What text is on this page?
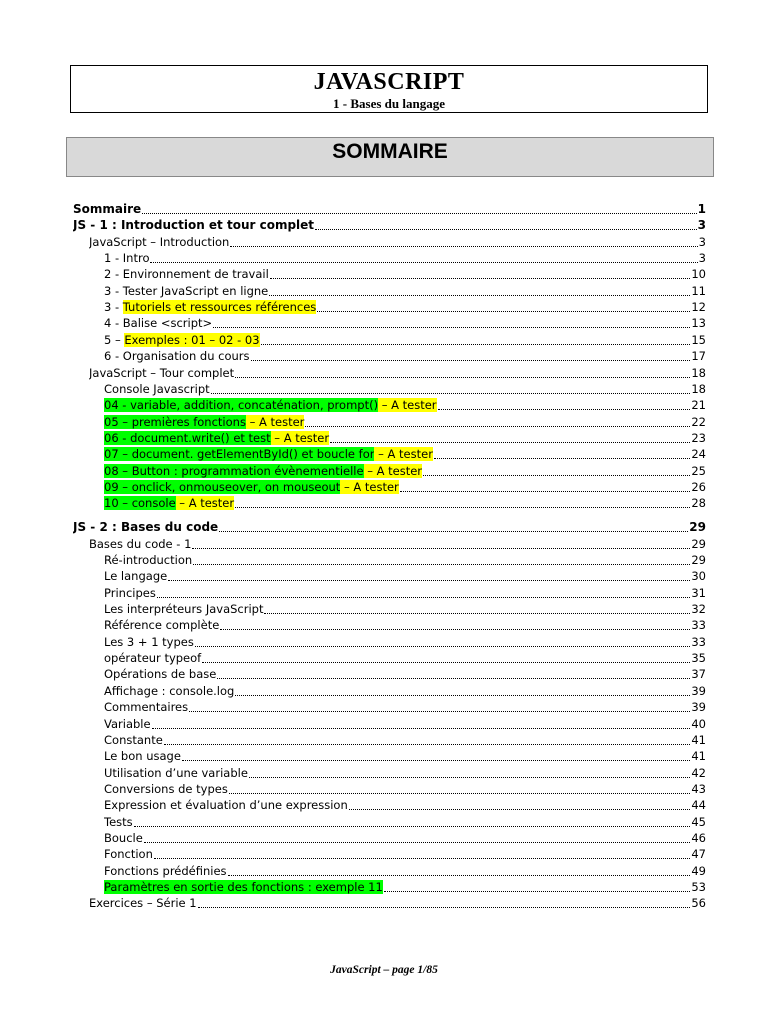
JAVASCRIPT
1 - Bases du langage
SOMMAIRE
Sommaire	1
JS - 1 : Introduction et tour complet	3
JavaScript – Introduction	3
1 - Intro	3
2 - Environnement de travail	10
3 - Tester JavaScript en ligne	11
3 - Tutoriels et ressources références	12
4 - Balise <script>	13
5 – Exemples : 01 – 02 - 03	15
6 - Organisation du cours	17
JavaScript – Tour complet	18
Console Javascript	18
04 - variable, addition, concaténation, prompt() – A tester	21
05 – premières fonctions – A tester	22
06 - document.write() et test – A tester	23
07 – document. getElementById() et boucle for – A tester	24
08 – Button : programmation évènementielle – A tester	25
09 – onclick, onmouseover, on mouseout – A tester	26
10 – console – A tester	28
JS - 2 : Bases du code	29
Bases du code - 1	29
Ré-introduction	29
Le langage	30
Principes	31
Les interpréteurs JavaScript	32
Référence complète	33
Les 3 + 1 types	33
opérateur typeof	35
Opérations de base	37
Affichage : console.log	39
Commentaires	39
Variable	40
Constante	41
Le bon usage	41
Utilisation d’une variable	42
Conversions de types	43
Expression et évaluation d’une expression	44
Tests	45
Boucle	46
Fonction	47
Fonctions prédéfinies	49
Paramètres en sortie des fonctions : exemple 11	53
Exercices – Série 1	56
JavaScript – page 1/85
